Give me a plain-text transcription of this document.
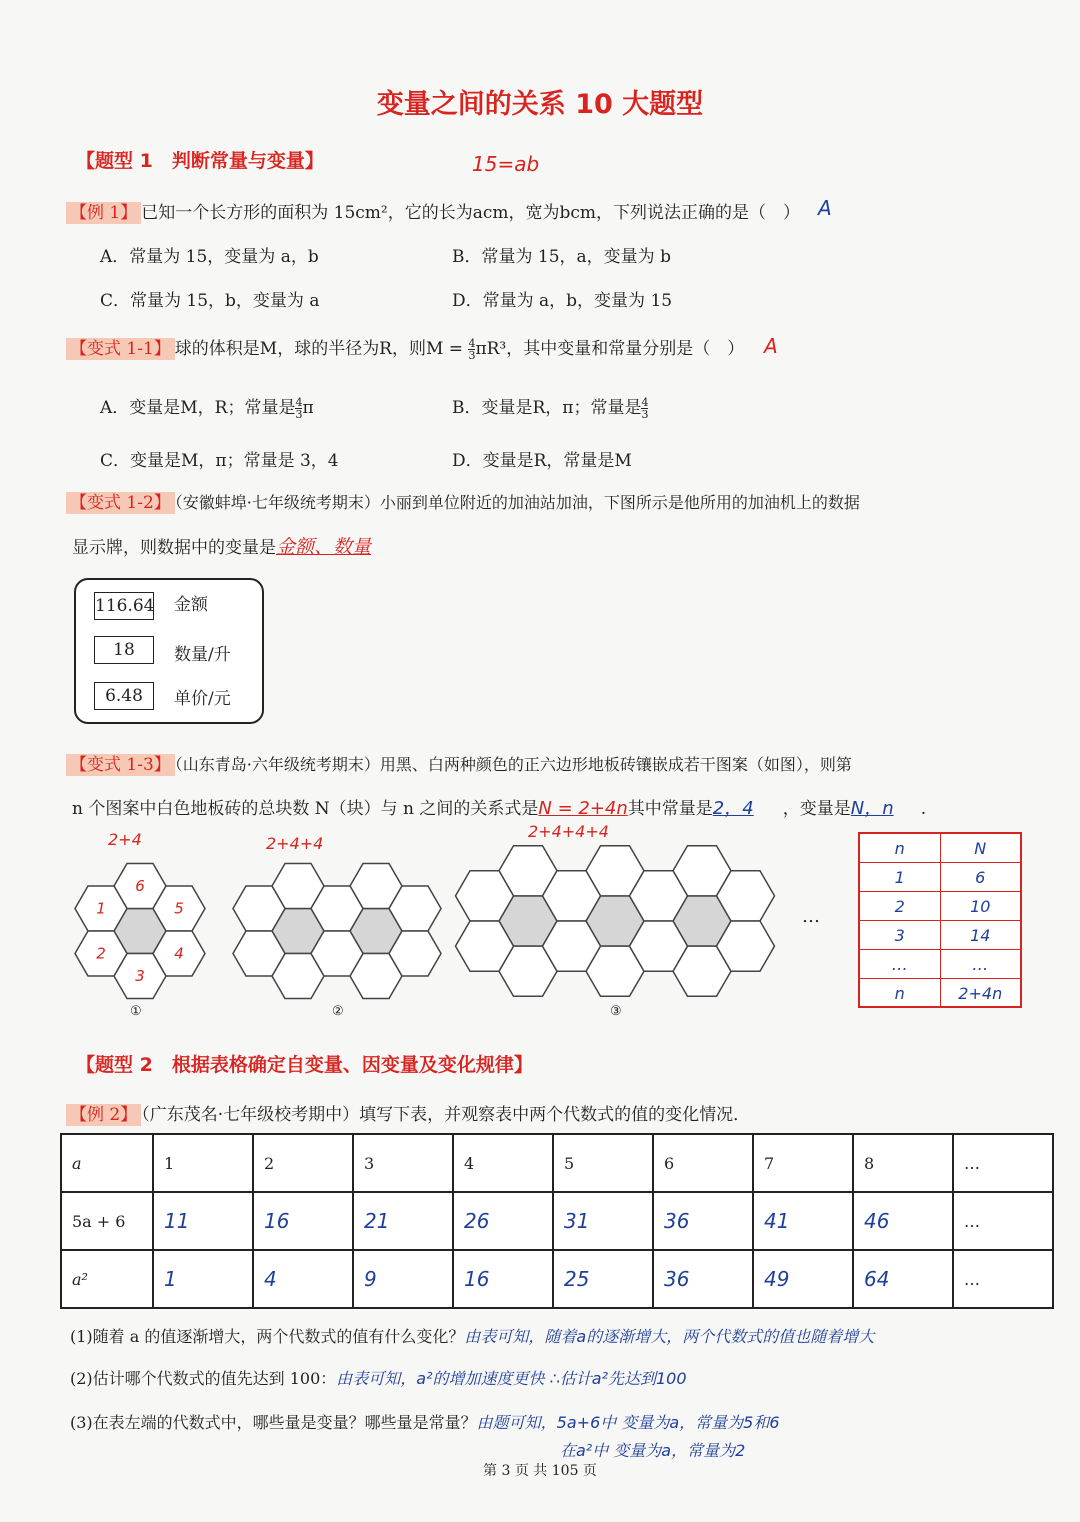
变量之间的关系 10 大题型
【题型 1　判断常量与变量】	15=ab
【例 1】 已知一个长方形的面积为 15cm²，它的长为acm，宽为bcm，下列说法正确的是（　） A
A．常量为 15，变量为 a，b	B．常量为 15，a，变量为 b
C．常量为 15，b，变量为 a	D．常量为 a，b，变量为 15
【变式 1-1】 球的体积是M，球的半径为R，则$M = \frac{4}{3} \pi R^3$，其中变量和常量分别是（　） A
A．变量是M，R；常量是 $\frac{4}{3}$ π	B．变量是R，π；常量是 $\frac{4}{3}$
C．变量是M，π；常量是 3，4	D．变量是R，常量是M
【变式 1-2】 （安徽蚌埠·七年级统考期末）小丽到单位附近的加油站加油，下图所示是他所用的加油机上的数据
显示牌，则数据中的变量是金额、数量
116.64 金额
18	数量/升
6.48	单价/元
【变式 1-3】 （山东青岛·六年级统考期末）用黑、白两种颜色的正六边形地板砖镶嵌成若干图案（如图），则第
n 个图案中白色地板砖的总块数 N（块）与 n 之间的关系式是N = 2+4n其中常量是2，4 ，变量是N，n .
2+4	2+4+4
2+4+4+4
6
1	5
2	4
3
①	②	③
…
n	N
1	6
2	10
3	14
…	…
n	2+4n
【题型 2　根据表格确定自变量、因变量及变化规律】
【例 2】 （广东茂名·七年级校考期中）填写下表，并观察表中两个代数式的值的变化情况．
a	1	2	3	4	5	6	7	8	…
5a + 6	11	16	21	26	31	36	41	46	…
a²	1	4	9	16	25	36	49	64	…
(1)随着 a 的值逐渐增大，两个代数式的值有什么变化？由表可知，随着a的逐渐增大，两个代数式的值也随着增大
(2)估计哪个代数式的值先达到 100：由表可知，a²的增加速度更快 ∴估计a²先达到100
(3)在表左端的代数式中，哪些量是变量？哪些量是常量？由题可知，5a+6中 变量为a，常量为5和6
在a²中 变量为a，常量为2
第 3 页 共 105 页
